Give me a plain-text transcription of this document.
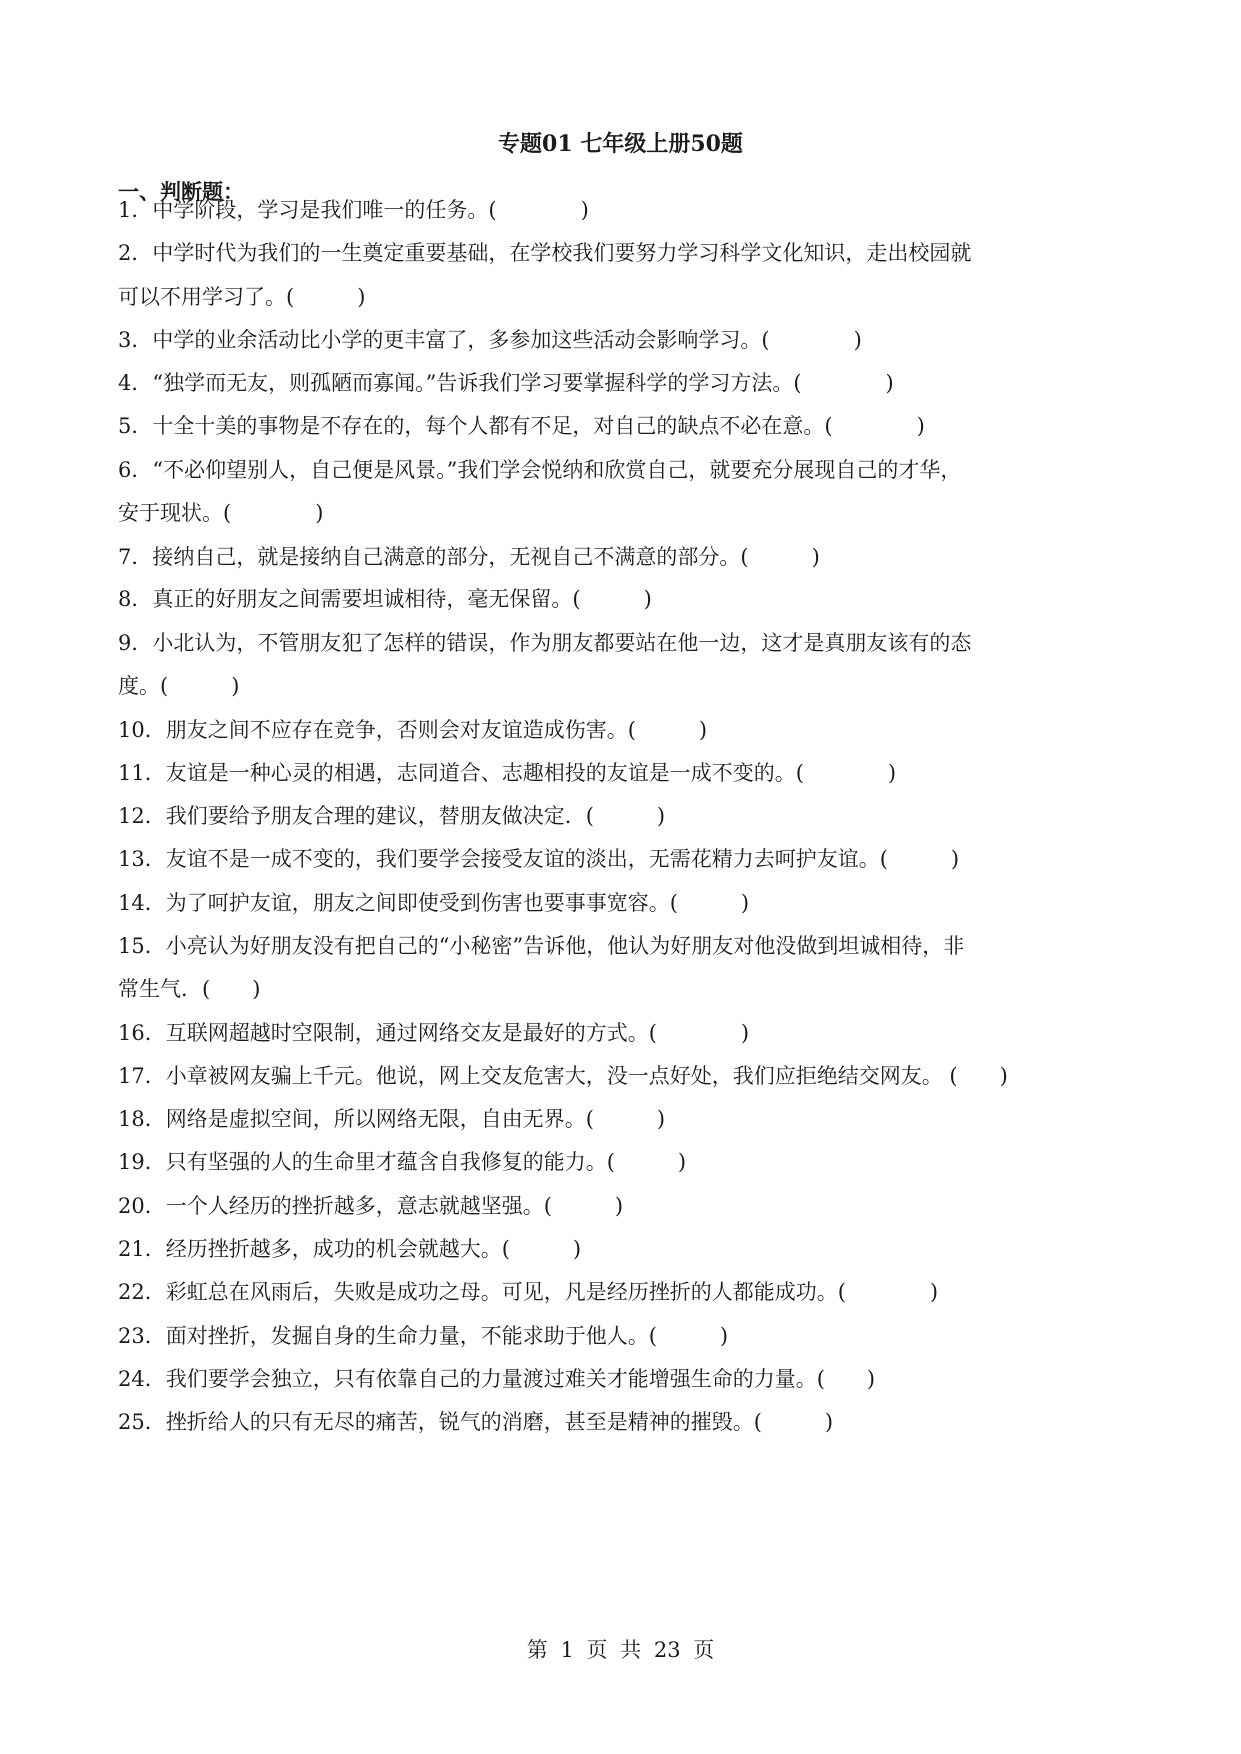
专题01 七年级上册50题
一、判断题：
1．中学阶段，学习是我们唯一的任务。(　　　　)
2．中学时代为我们的一生奠定重要基础，在学校我们要努力学习科学文化知识，走出校园就
可以不用学习了。(　　　)
3．中学的业余活动比小学的更丰富了，多参加这些活动会影响学习。(　　　　)
4．“独学而无友，则孤陋而寡闻。”告诉我们学习要掌握科学的学习方法。(　　　　)
5．十全十美的事物是不存在的，每个人都有不足，对自己的缺点不必在意。(　　　　)
6．“不必仰望别人，自己便是风景。”我们学会悦纳和欣赏自己，就要充分展现自己的才华，
安于现状。(　　　　)
7．接纳自己，就是接纳自己满意的部分，无视自己不满意的部分。(　　　)
8．真正的好朋友之间需要坦诚相待，毫无保留。(　　　)
9．小北认为，不管朋友犯了怎样的错误，作为朋友都要站在他一边，这才是真朋友该有的态
度。(　　　)
10．朋友之间不应存在竞争，否则会对友谊造成伤害。(　　　)
11．友谊是一种心灵的相遇，志同道合、志趣相投的友谊是一成不变的。(　　　　)
12．我们要给予朋友合理的建议，替朋友做决定．(　　　)
13．友谊不是一成不变的，我们要学会接受友谊的淡出，无需花精力去呵护友谊。(　　　)
14．为了呵护友谊，朋友之间即使受到伤害也要事事宽容。(　　　)
15．小亮认为好朋友没有把自己的“小秘密”告诉他，他认为好朋友对他没做到坦诚相待，非
常生气．(　　)
16．互联网超越时空限制，通过网络交友是最好的方式。(　　　　)
17．小章被网友骗上千元。他说，网上交友危害大，没一点好处，我们应拒绝结交网友。 (　　)
18．网络是虚拟空间，所以网络无限，自由无界。(　　　)
19．只有坚强的人的生命里才蕴含自我修复的能力。(　　　)
20．一个人经历的挫折越多，意志就越坚强。(　　　)
21．经历挫折越多，成功的机会就越大。(　　　)
22．彩虹总在风雨后，失败是成功之母。可见，凡是经历挫折的人都能成功。(　　　　)
23．面对挫折，发掘自身的生命力量，不能求助于他人。(　　　)
24．我们要学会独立，只有依靠自己的力量渡过难关才能增强生命的力量。(　　)
25．挫折给人的只有无尽的痛苦，锐气的消磨，甚至是精神的摧毁。(　　　)
第 1 页 共 23 页
